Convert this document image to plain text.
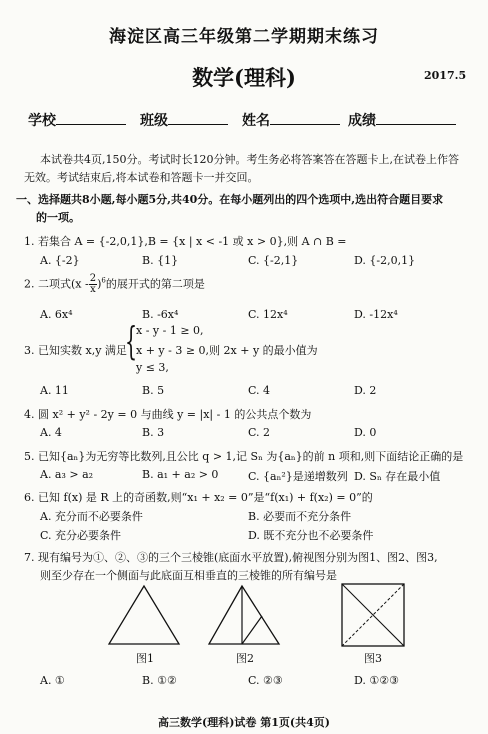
海淀区高三年级第二学期期末练习
数学(理科)	2017.5
学校	班级	姓名	成绩
本试卷共4页,150分。考试时长120分钟。考生务必将答案答在答题卡上,在试卷上作答
无效。考试结束后,将本试卷和答题卡一并交回。
一、选择题共8小题,每小题5分,共40分。在每小题列出的四个选项中,选出符合题目要求
的一项。
1. 若集合 A = {-2,0,1},B = {x | x < -1 或 x > 0},则 A ∩ B =
A. {-2}	B. {1}	C. {-2,1}	D. {-2,0,1}
2. 二项式$(x - \frac{2}{x} )^6$的展开式的第二项是
A. 6x⁴	B. -6x⁴	C. 12x⁴	D. -12x⁴
3. 已知实数 x,y 满足
{
x - y - 1 ≥ 0,
x + y - 3 ≥ 0,则 2x + y 的最小值为
y ≤ 3,
A. 11	B. 5	C. 4	D. 2
4. 圆 x² + y² - 2y = 0 与曲线 y = |x| - 1 的公共点个数为
A. 4	B. 3	C. 2	D. 0
5. 已知{aₙ}为无穷等比数列,且公比 q > 1,记 Sₙ 为{aₙ}的前 n 项和,则下面结论正确的是
A. a₃ > a₂	B. a₁ + a₂ > 0	C. {aₙ²}是递增数列 D. Sₙ 存在最小值
6. 已知 f(x) 是 R 上的奇函数,则“x₁ + x₂ = 0”是“f(x₁) + f(x₂) = 0”的
A. 充分而不必要条件	B. 必要而不充分条件
C. 充分必要条件	D. 既不充分也不必要条件
7. 现有编号为①、②、③的三个三棱锥(底面水平放置),俯视图分别为图1、图2、图3,
则至少存在一个侧面与此底面互相垂直的三棱锥的所有编号是
图1	图2	图3
A. ①	B. ①②	C. ②③	D. ①②③
高三数学(理科)试卷 第1页(共4页)
